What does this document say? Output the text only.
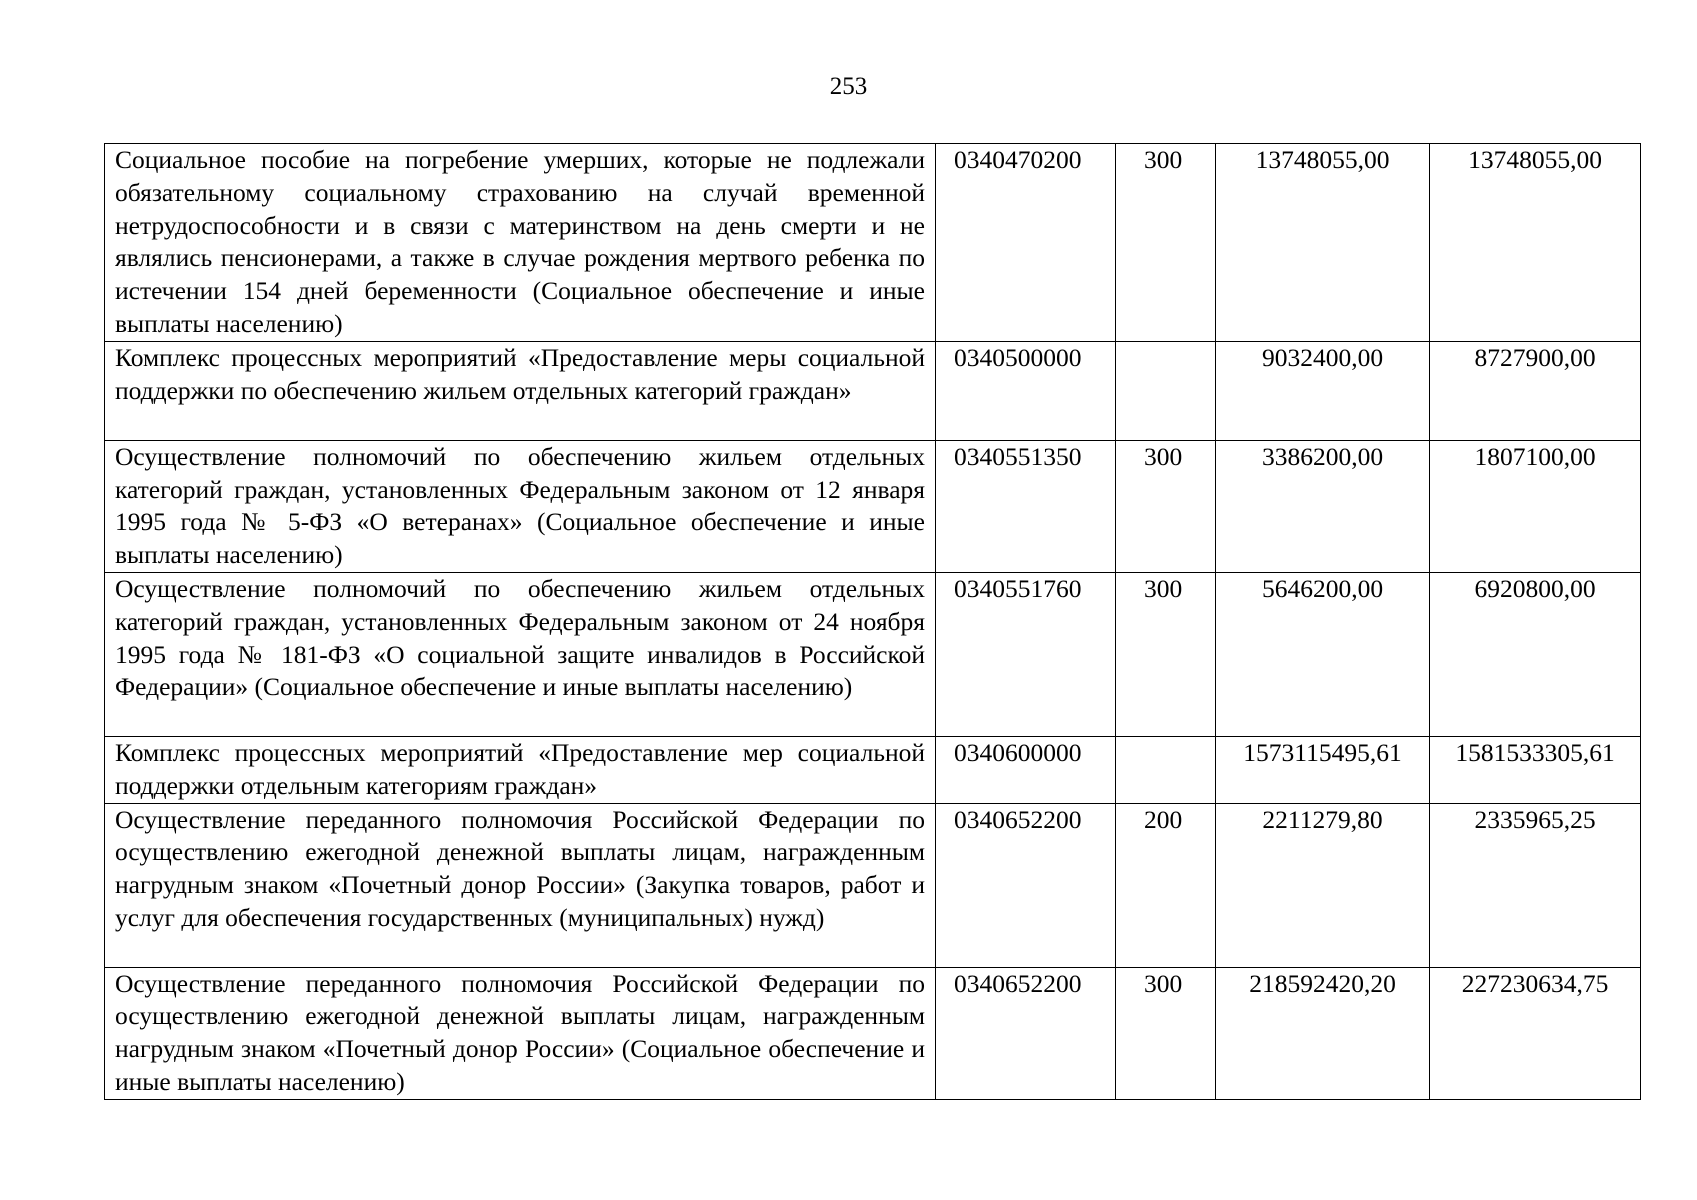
253
Социальное пособие на погребение умерших, которые не подлежали обязательному социальному страхованию на случай временной нетрудоспособности и в связи с материнством на день смерти и не являлись пенсионерами, а также в случае рождения мертвого ребенка по истечении 154 дней беременности (Социальное обеспечение и иные выплаты населению)	0340470200	300	13748055,00	13748055,00
Комплекс процессных мероприятий «Предоставление меры социальной поддержки по обеспечению жильем отдельных категорий граждан»	0340500000		9032400,00	8727900,00
Осуществление полномочий по обеспечению жильем отдельных категорий граждан, установленных Федеральным законом от 12 января 1995 года № 5-ФЗ «О ветеранах» (Социальное обеспечение и иные выплаты населению)	0340551350	300	3386200,00	1807100,00
Осуществление полномочий по обеспечению жильем отдельных категорий граждан, установленных Федеральным законом от 24 ноября 1995 года № 181-ФЗ «О социальной защите инвалидов в Российской Федерации» (Социальное обеспечение и иные выплаты населению)	0340551760	300	5646200,00	6920800,00
Комплекс процессных мероприятий «Предоставление мер социальной поддержки отдельным категориям граждан»	0340600000		1573115495,61	1581533305,61
Осуществление переданного полномочия Российской Федерации по осуществлению ежегодной денежной выплаты лицам, награжденным нагрудным знаком «Почетный донор России» (Закупка товаров, работ и услуг для обеспечения государственных (муниципальных) нужд)	0340652200	200	2211279,80	2335965,25
Осуществление переданного полномочия Российской Федерации по осуществлению ежегодной денежной выплаты лицам, награжденным нагрудным знаком «Почетный донор России» (Социальное обеспечение и иные выплаты населению)	0340652200	300	218592420,20	227230634,75
